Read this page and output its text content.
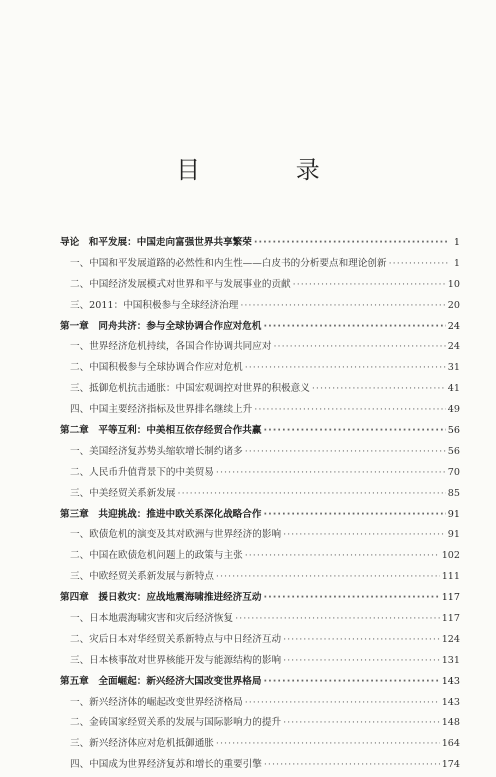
目 录
导论　和平发展：中国走向富强世界共享繁荣 ·····	1
一、中国和平发展道路的必然性和内生性——白皮书的分析要点和理论创新 ·····	1
二、中国经济发展模式对世界和平与发展事业的贡献 ·····	10
三、2011：中国积极参与全球经济治理 ·····	20
第一章　同舟共济：参与全球协调合作应对危机 ·····	24
一、世界经济危机持续，各国合作协调共同应对 ·····	24
二、中国积极参与全球协调合作应对危机 ·····	31
三、抵御危机抗击通胀：中国宏观调控对世界的积极意义 ·····	41
四、中国主要经济指标及世界排名继续上升 ·····	49
第二章　平等互利：中美相互依存经贸合作共赢 ·····	56
一、美国经济复苏势头缩软增长制约诸多 ·····	56
二、人民币升值背景下的中美贸易 ·····	70
三、中美经贸关系新发展 ·····	85
第三章　共迎挑战：推进中欧关系深化战略合作 ·····	91
一、欧债危机的演变及其对欧洲与世界经济的影响 ·····	91
二、中国在欧债危机问题上的政策与主张 ·····	102
三、中欧经贸关系新发展与新特点 ·····	111
第四章　援日救灾：应战地震海啸推进经济互动 ·····	117
一、日本地震海啸灾害和灾后经济恢复 ·····	117
二、灾后日本对华经贸关系新特点与中日经济互动 ·····	124
三、日本核事故对世界核能开发与能源结构的影响 ·····	131
第五章　全面崛起：新兴经济大国改变世界格局 ·····	143
一、新兴经济体的崛起改变世界经济格局 ·····	143
二、金砖国家经贸关系的发展与国际影响力的提升 ·····	148
三、新兴经济体应对危机抵御通胀 ·····	164
四、中国成为世界经济复苏和增长的重要引擎 ·····	174
